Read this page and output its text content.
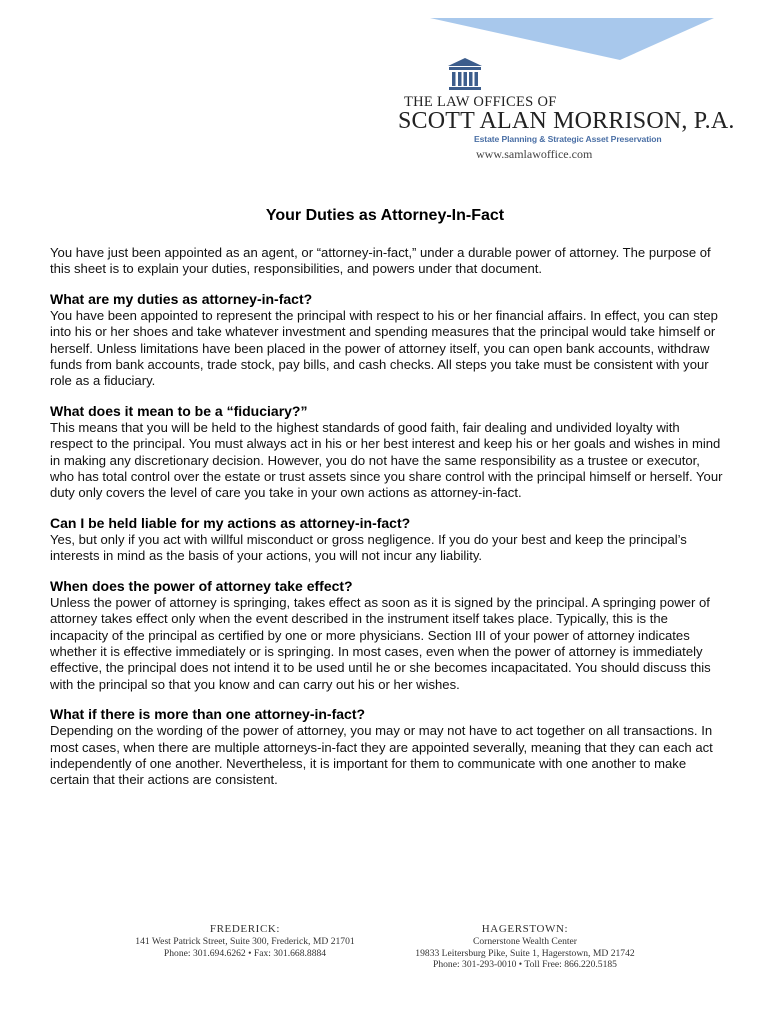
THE LAW OFFICES OF
SCOTT ALAN MORRISON, P.A.
Estate Planning & Strategic Asset Preservation
www.samlawoffice.com
Your Duties as Attorney-In-Fact

You have just been appointed as an agent, or “attorney-in-fact,” under a durable power of attorney. The purpose of this sheet is to explain your duties, responsibilities, and powers under that document.

What are my duties as attorney-in-fact?

You have been appointed to represent the principal with respect to his or her financial affairs. In effect, you can step into his or her shoes and take whatever investment and spending measures that the principal would take himself or herself. Unless limitations have been placed in the power of attorney itself, you can open bank accounts, withdraw funds from bank accounts, trade stock, pay bills, and cash checks. All steps you take must be consistent with your role as a fiduciary.

What does it mean to be a “fiduciary?”

This means that you will be held to the highest standards of good faith, fair dealing and undivided loyalty with respect to the principal. You must always act in his or her best interest and keep his or her goals and wishes in mind in making any discretionary decision. However, you do not have the same responsibility as a trustee or executor, who has total control over the estate or trust assets since you share control with the principal himself or herself. Your duty only covers the level of care you take in your own actions as attorney-in-fact.

Can I be held liable for my actions as attorney-in-fact?

Yes, but only if you act with willful misconduct or gross negligence. If you do your best and keep the principal’s interests in mind as the basis of your actions, you will not incur any liability.

When does the power of attorney take effect?

Unless the power of attorney is springing, takes effect as soon as it is signed by the principal. A springing power of attorney takes effect only when the event described in the instrument itself takes place. Typically, this is the incapacity of the principal as certified by one or more physicians. Section III of your power of attorney indicates whether it is effective immediately or is springing. In most cases, even when the power of attorney is immediately effective, the principal does not intend it to be used until he or she becomes incapacitated. You should discuss this with the principal so that you know and can carry out his or her wishes.

What if there is more than one attorney-in-fact?

Depending on the wording of the power of attorney, you may or may not have to act together on all transactions. In most cases, when there are multiple attorneys-in-fact they are appointed severally, meaning that they can each act independently of one another. Nevertheless, it is important for them to communicate with one another to make certain that their actions are consistent.

FREDERICK:
141 West Patrick Street, Suite 300, Frederick, MD 21701
Phone: 301.694.6262 • Fax: 301.668.8884
HAGERSTOWN:
Cornerstone Wealth Center
19833 Leitersburg Pike, Suite 1, Hagerstown, MD 21742
Phone: 301-293-0010 • Toll Free: 866.220.5185
